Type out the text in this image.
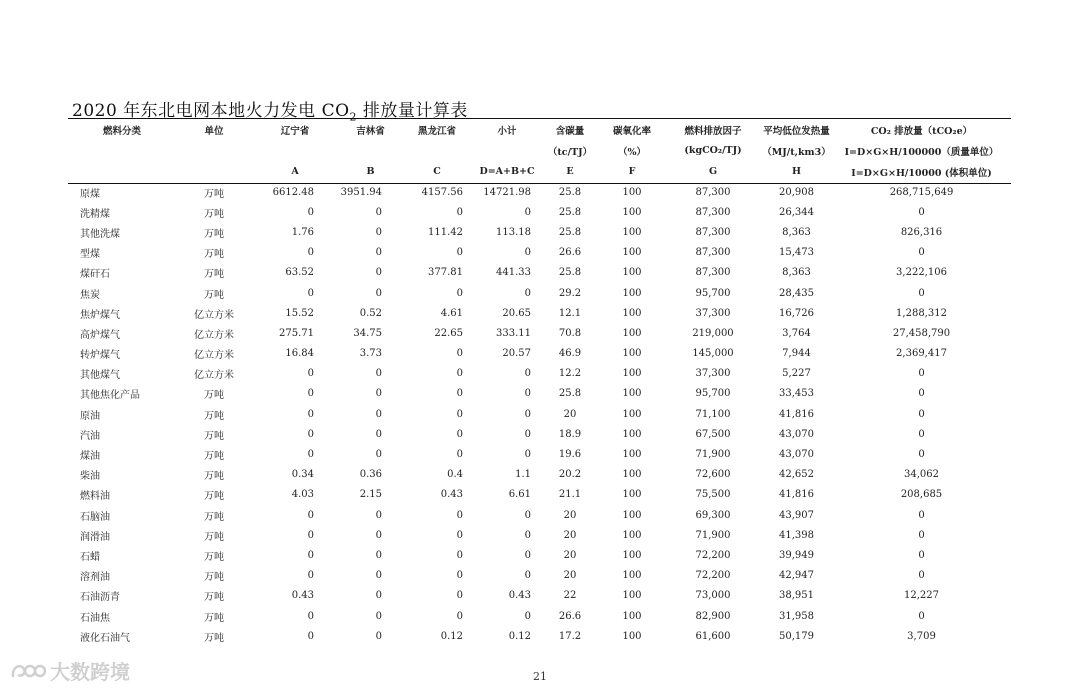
2020 年东北电网本地火力发电 $CO_2$ 排放量计算表
燃料分类	单位	辽宁省	吉林省	黑龙江省	小计	含碳量	碳氧化率	燃料排放因子	平均低位发热量	CO₂ 排放量（tCO₂e）
						（tc/TJ）	（%）	(kgCO₂/TJ)	（MJ/t,km3）	I=D×G×H/100000（质量单位）
		A	B	C	D=A+B+C	E	F	G	H	I=D×G×H/10000 (体积单位)
原煤	万吨	6612.48	3951.94	4157.56	14721.98	25.8	100	87,300	20,908	268,715,649
洗精煤	万吨	0	0	0	0	25.8	100	87,300	26,344	0
其他洗煤	万吨	1.76	0	111.42	113.18	25.8	100	87,300	8,363	826,316
型煤	万吨	0	0	0	0	26.6	100	87,300	15,473	0
煤矸石	万吨	63.52	0	377.81	441.33	25.8	100	87,300	8,363	3,222,106
焦炭	万吨	0	0	0	0	29.2	100	95,700	28,435	0
焦炉煤气	亿立方米	15.52	0.52	4.61	20.65	12.1	100	37,300	16,726	1,288,312
高炉煤气	亿立方米	275.71	34.75	22.65	333.11	70.8	100	219,000	3,764	27,458,790
转炉煤气	亿立方米	16.84	3.73	0	20.57	46.9	100	145,000	7,944	2,369,417
其他煤气	亿立方米	0	0	0	0	12.2	100	37,300	5,227	0
其他焦化产品	万吨	0	0	0	0	25.8	100	95,700	33,453	0
原油	万吨	0	0	0	0	20	100	71,100	41,816	0
汽油	万吨	0	0	0	0	18.9	100	67,500	43,070	0
煤油	万吨	0	0	0	0	19.6	100	71,900	43,070	0
柴油	万吨	0.34	0.36	0.4	1.1	20.2	100	72,600	42,652	34,062
燃料油	万吨	4.03	2.15	0.43	6.61	21.1	100	75,500	41,816	208,685
石脑油	万吨	0	0	0	0	20	100	69,300	43,907	0
润滑油	万吨	0	0	0	0	20	100	71,900	41,398	0
石蜡	万吨	0	0	0	0	20	100	72,200	39,949	0
溶剂油	万吨	0	0	0	0	20	100	72,200	42,947	0
石油沥青	万吨	0.43	0	0	0.43	22	100	73,000	38,951	12,227
石油焦	万吨	0	0	0	0	26.6	100	82,900	31,958	0
液化石油气	万吨	0	0	0.12	0.12	17.2	100	61,600	50,179	3,709
21
大数跨境
